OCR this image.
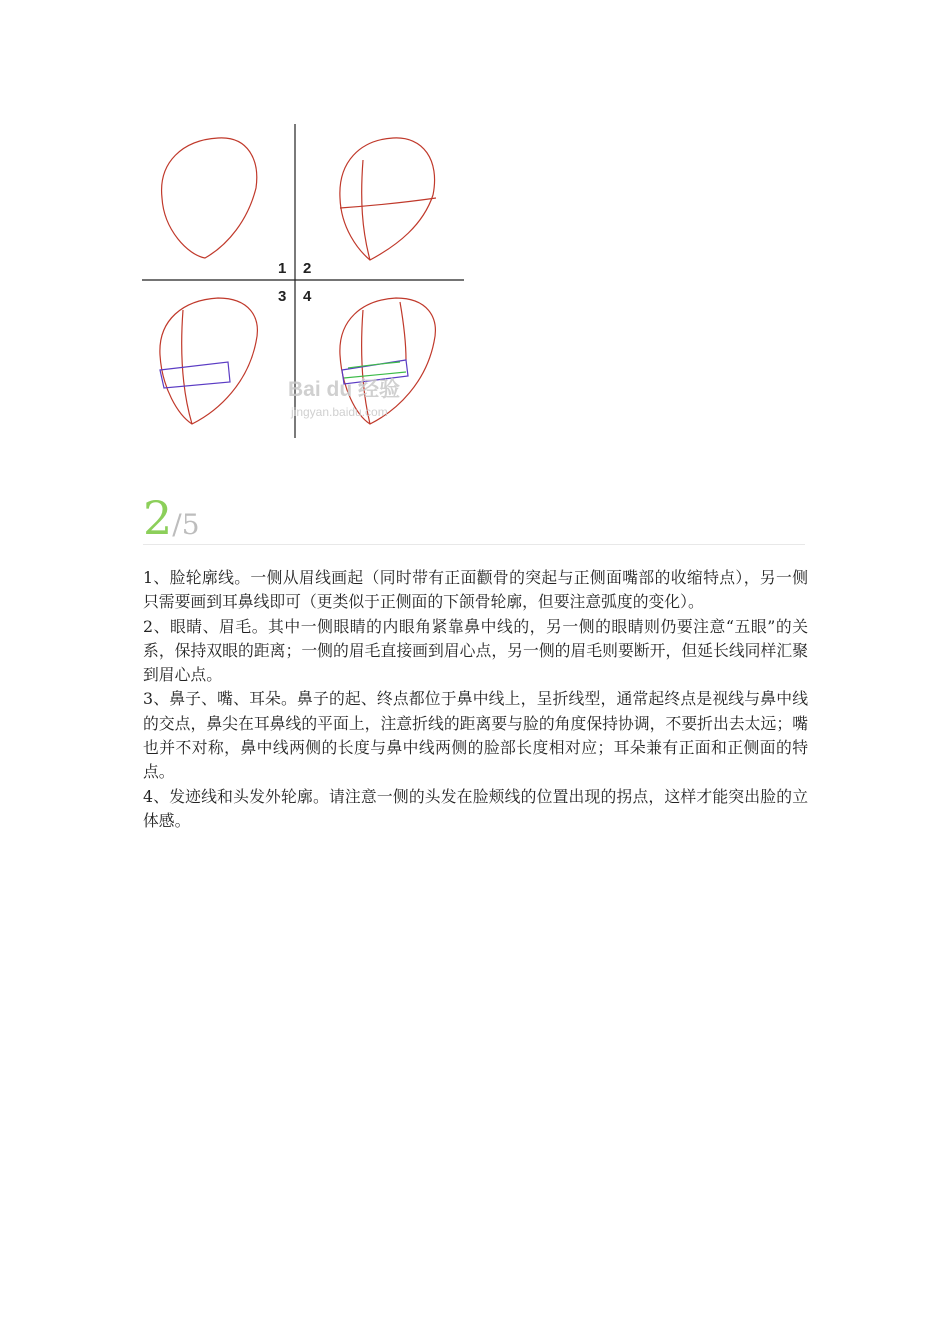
1 2
3 4
Bai du 经验
jingyan.baidu.com
2/5

1、脸轮廓线。一侧从眉线画起（同时带有正面颧骨的突起与正侧面嘴部的收缩特点），另一侧只需要画到耳鼻线即可（更类似于正侧面的下颌骨轮廓，但要注意弧度的变化）。

2、眼睛、眉毛。其中一侧眼睛的内眼角紧靠鼻中线的，另一侧的眼睛则仍要注意“五眼”的关系，保持双眼的距离；一侧的眉毛直接画到眉心点，另一侧的眉毛则要断开，但延长线同样汇聚到眉心点。

3、鼻子、嘴、耳朵。鼻子的起、终点都位于鼻中线上，呈折线型，通常起终点是视线与鼻中线的交点，鼻尖在耳鼻线的平面上，注意折线的距离要与脸的角度保持协调，不要折出去太远；嘴也并不对称，鼻中线两侧的长度与鼻中线两侧的脸部长度相对应；耳朵兼有正面和正侧面的特点。

4、发迹线和头发外轮廓。请注意一侧的头发在脸颊线的位置出现的拐点，这样才能突出脸的立体感。
